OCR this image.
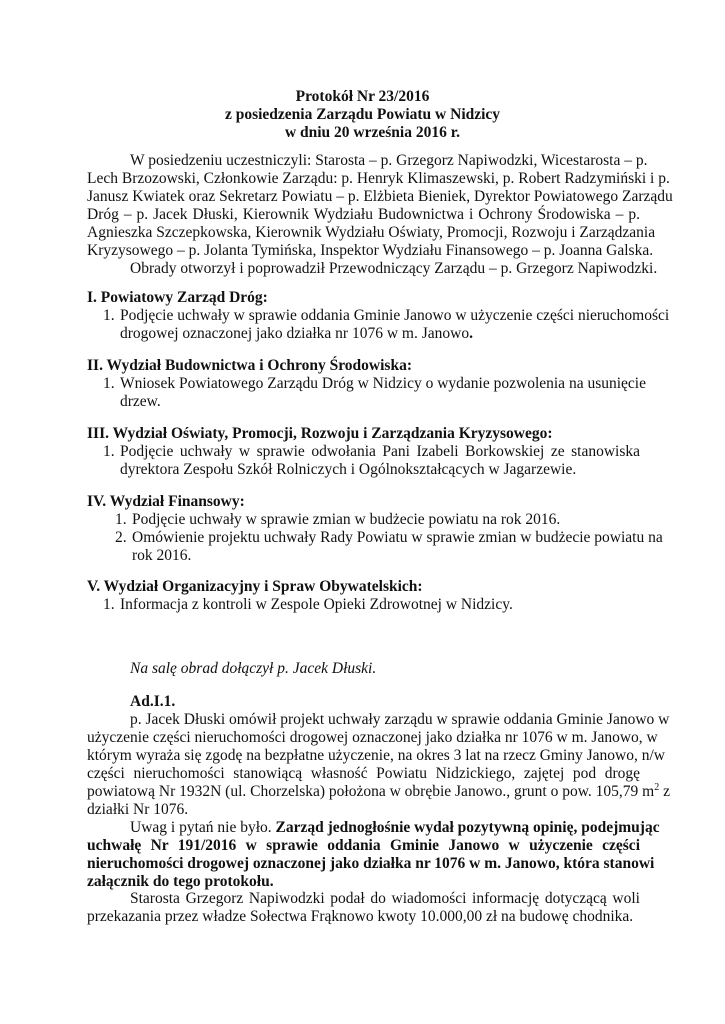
Protokół Nr 23/2016
z posiedzenia Zarządu Powiatu w Nidzicy
w dniu 20 września 2016 r.
W posiedzeniu uczestniczyli: Starosta – p. Grzegorz Napiwodzki, Wicestarosta – p.
Lech Brzozowski, Członkowie Zarządu: p. Henryk Klimaszewski, p. Robert Radzymiński i p.
Janusz Kwiatek oraz Sekretarz Powiatu – p. Elżbieta Bieniek, Dyrektor Powiatowego Zarządu
Dróg – p. Jacek Dłuski, Kierownik Wydziału Budownictwa i Ochrony Środowiska – p.
Agnieszka Szczepkowska, Kierownik Wydziału Oświaty, Promocji, Rozwoju i Zarządzania
Kryzysowego – p. Jolanta Tymińska, Inspektor Wydziału Finansowego – p. Joanna Galska.
Obrady otworzył i poprowadził Przewodniczący Zarządu – p. Grzegorz Napiwodzki.
I. Powiatowy Zarząd Dróg:
1. Podjęcie uchwały w sprawie oddania Gminie Janowo w użyczenie części nieruchomości
drogowej oznaczonej jako działka nr 1076 w m. Janowo.
II. Wydział Budownictwa i Ochrony Środowiska:
1. Wniosek Powiatowego Zarządu Dróg w Nidzicy o wydanie pozwolenia na usunięcie
drzew.
III. Wydział Oświaty, Promocji, Rozwoju i Zarządzania Kryzysowego:
1. Podjęcie uchwały w sprawie odwołania Pani Izabeli Borkowskiej ze stanowiska
dyrektora Zespołu Szkół Rolniczych i Ogólnokształcących w Jagarzewie.
IV. Wydział Finansowy:
1. Podjęcie uchwały w sprawie zmian w budżecie powiatu na rok 2016.
2. Omówienie projektu uchwały Rady Powiatu w sprawie zmian w budżecie powiatu na
rok 2016.
V. Wydział Organizacyjny i Spraw Obywatelskich:
1. Informacja z kontroli w Zespole Opieki Zdrowotnej w Nidzicy.
Na salę obrad dołączył p. Jacek Dłuski.
Ad.I.1.
p. Jacek Dłuski omówił projekt uchwały zarządu w sprawie oddania Gminie Janowo w
użyczenie części nieruchomości drogowej oznaczonej jako działka nr 1076 w m. Janowo, w
którym wyraża się zgodę na bezpłatne użyczenie, na okres 3 lat na rzecz Gminy Janowo, n/w
części nieruchomości stanowiącą własność Powiatu Nidzickiego, zajętej pod drogę
powiatową Nr 1932N (ul. Chorzelska) położona w obrębie Janowo., grunt o pow. 105,79 $m^2$ z
działki Nr 1076.
Uwag i pytań nie było. Zarząd jednogłośnie wydał pozytywną opinię, podejmując
uchwałę Nr 191/2016 w sprawie oddania Gminie Janowo w użyczenie części
nieruchomości drogowej oznaczonej jako działka nr 1076 w m. Janowo, która stanowi
załącznik do tego protokołu.
Starosta Grzegorz Napiwodzki podał do wiadomości informację dotyczącą woli
przekazania przez władze Sołectwa Frąknowo kwoty 10.000,00 zł na budowę chodnika.
